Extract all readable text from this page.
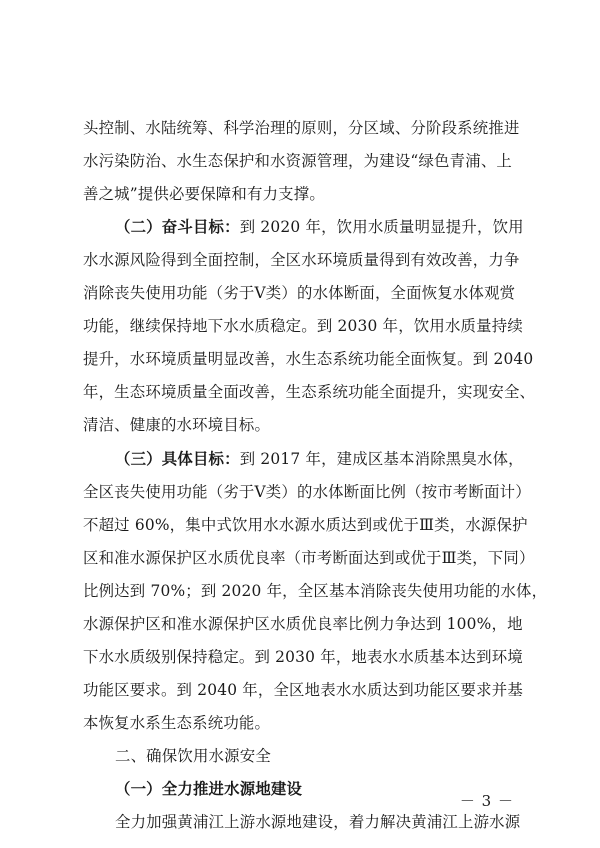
头控制、水陆统筹、科学治理的原则，分区域、分阶段系统推进
水污染防治、水生态保护和水资源管理，为建设“绿色青浦、上
善之城”提供必要保障和有力支撑。
（二）奋斗目标：到 2020 年，饮用水质量明显提升，饮用
水水源风险得到全面控制，全区水环境质量得到有效改善，力争
消除丧失使用功能（劣于Ⅴ类）的水体断面，全面恢复水体观赏
功能，继续保持地下水水质稳定。到 2030 年，饮用水质量持续
提升，水环境质量明显改善，水生态系统功能全面恢复。到 2040
年，生态环境质量全面改善，生态系统功能全面提升，实现安全、
清洁、健康的水环境目标。
（三）具体目标：到 2017 年，建成区基本消除黑臭水体，
全区丧失使用功能（劣于Ⅴ类）的水体断面比例（按市考断面计）
不超过 60%，集中式饮用水水源水质达到或优于Ⅲ类，水源保护
区和准水源保护区水质优良率（市考断面达到或优于Ⅲ类，下同）
比例达到 70%；到 2020 年，全区基本消除丧失使用功能的水体，
水源保护区和准水源保护区水质优良率比例力争达到 100%，地
下水水质级别保持稳定。到 2030 年，地表水水质基本达到环境
功能区要求。到 2040 年，全区地表水水质达到功能区要求并基
本恢复水系生态系统功能。
二、确保饮用水源安全
（一）全力推进水源地建设
全力加强黄浦江上游水源地建设，着力解决黄浦江上游水源
－ 3 －
